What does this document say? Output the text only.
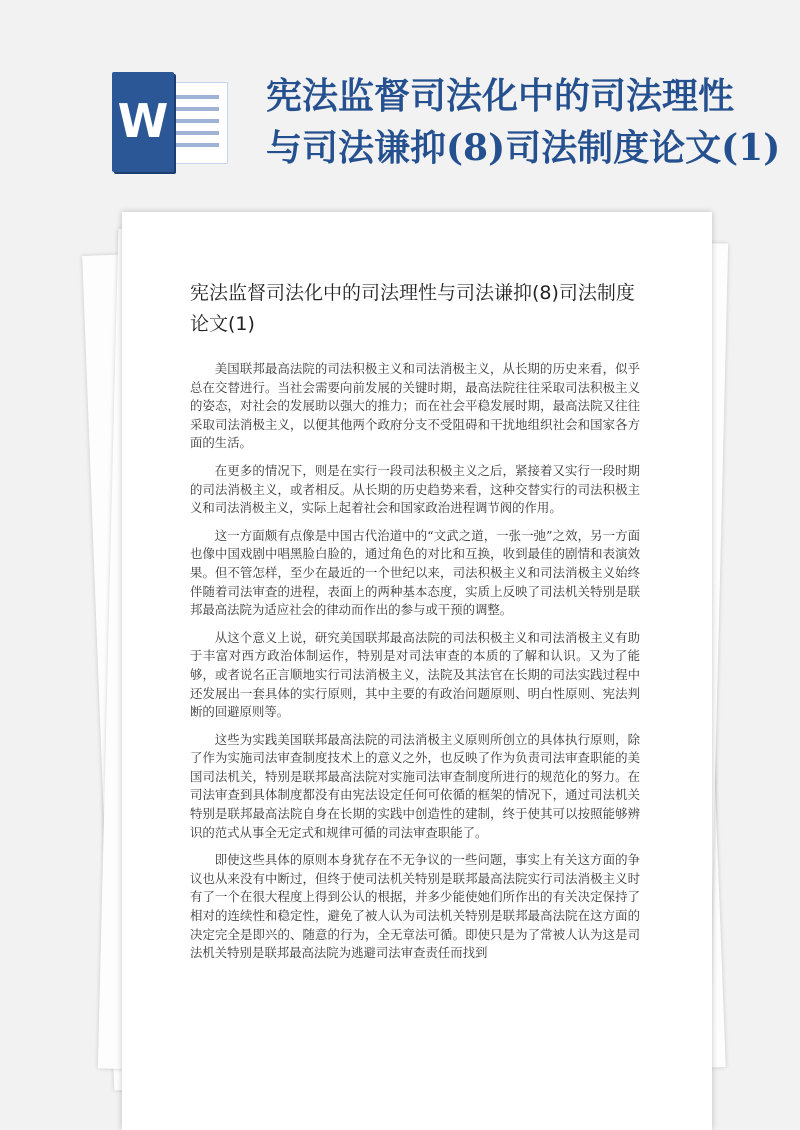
W	宪法监督司法化中的司法理性
与司法谦抑(8)司法制度论文(1)
宪法监督司法化中的司法理性与司法谦抑(8)司法制度论文(1)

美国联邦最高法院的司法积极主义和司法消极主义，从长期的历史来看，似乎总在交替进行。当社会需要向前发展的关键时期，最高法院往往采取司法积极主义的姿态，对社会的发展助以强大的推力；而在社会平稳发展时期，最高法院又往往采取司法消极主义，以便其他两个政府分支不受阻碍和干扰地组织社会和国家各方面的生活。

在更多的情况下，则是在实行一段司法积极主义之后，紧接着又实行一段时期的司法消极主义，或者相反。从长期的历史趋势来看，这种交替实行的司法积极主义和司法消极主义，实际上起着社会和国家政治进程调节阀的作用。

这一方面颇有点像是中国古代治道中的“文武之道，一张一弛”之效，另一方面也像中国戏剧中唱黑脸白脸的，通过角色的对比和互换，收到最佳的剧情和表演效果。但不管怎样，至少在最近的一个世纪以来，司法积极主义和司法消极主义始终伴随着司法审查的进程，表面上的两种基本态度，实质上反映了司法机关特别是联邦最高法院为适应社会的律动而作出的参与或干预的调整。

从这个意义上说，研究美国联邦最高法院的司法积极主义和司法消极主义有助于丰富对西方政治体制运作，特别是对司法审查的本质的了解和认识。又为了能够，或者说名正言顺地实行司法消极主义，法院及其法官在长期的司法实践过程中还发展出一套具体的实行原则，其中主要的有政治问题原则、明白性原则、宪法判断的回避原则等。

这些为实践美国联邦最高法院的司法消极主义原则所创立的具体执行原则，除了作为实施司法审查制度技术上的意义之外，也反映了作为负责司法审查职能的美国司法机关，特别是联邦最高法院对实施司法审查制度所进行的规范化的努力。在司法审查到具体制度都没有由宪法设定任何可依循的框架的情况下，通过司法机关特别是联邦最高法院自身在长期的实践中创造性的建制，终于使其可以按照能够辨识的范式从事全无定式和规律可循的司法审查职能了。

即使这些具体的原则本身犹存在不无争议的一些问题，事实上有关这方面的争议也从来没有中断过，但终于使司法机关特别是联邦最高法院实行司法消极主义时有了一个在很大程度上得到公认的根据，并多少能使她们所作出的有关决定保持了相对的连续性和稳定性，避免了被人认为司法机关特别是联邦最高法院在这方面的决定完全是即兴的、随意的行为，全无章法可循。即使只是为了常被人认为这是司法机关特别是联邦最高法院为逃避司法审查责任而找到
